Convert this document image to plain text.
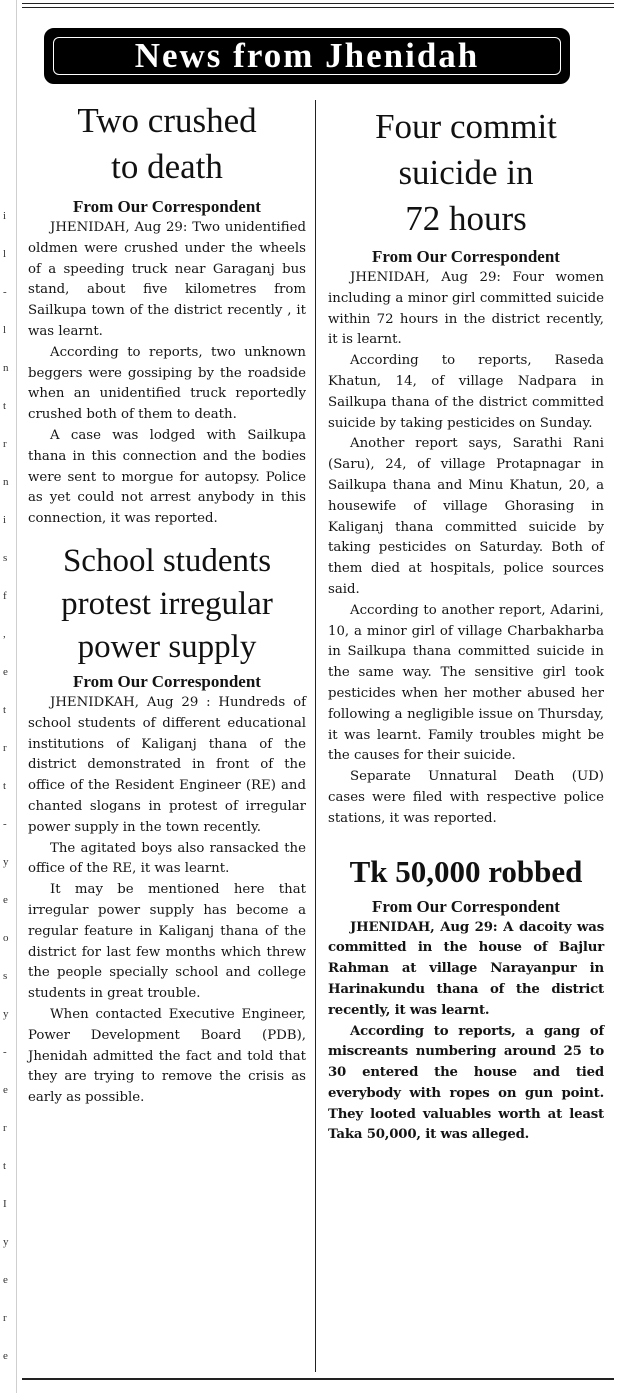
i
l
-
l
n
t
r
n
i
s
f
,
e
t
r
t
-
y
e
o
s
y
-
e
r
t
I
y
e
r
e
News from Jhenidah
Two crushed
to death
From Our Correspondent

JHENIDAH, Aug 29: Two unidentified oldmen were crushed under the wheels of a speeding truck near Garaganj bus stand, about five kilometres from Sailkupa town of the district recently , it was learnt.

According to reports, two unknown beggers were gossiping by the roadside when an unidentified truck reportedly crushed both of them to death.

A case was lodged with Sailkupa thana in this connection and the bodies were sent to morgue for autopsy. Police as yet could not arrest anybody in this connection, it was reported.

School students
protest irregular
power supply
From Our Correspondent

JHENIDKAH, Aug 29 : Hundreds of school students of different educational institutions of Kaliganj thana of the district demonstrated in front of the office of the Resident Engineer (RE) and chanted slogans in protest of irregular power supply in the town recently.

The agitated boys also ransacked the office of the RE, it was learnt.

It may be mentioned here that irregular power supply has become a regular feature in Kaliganj thana of the district for last few months which threw the people specially school and college students in great trouble.

When contacted Executive Engineer, Power Development Board (PDB), Jhenidah admitted the fact and told that they are trying to remove the crisis as early as possible.

Four commit
suicide in
72 hours
From Our Correspondent

JHENIDAH, Aug 29: Four women including a minor girl committed suicide within 72 hours in the district recently, it is learnt.

According to reports, Raseda Khatun, 14, of village Nadpara in Sailkupa thana of the district committed suicide by taking pesticides on Sunday.

Another report says, Sarathi Rani (Saru), 24, of village Protapnagar in Sailkupa thana and Minu Khatun, 20, a housewife of village Ghorasing in Kaliganj thana committed suicide by taking pesticides on Saturday. Both of them died at hospitals, police sources said.

According to another report, Adarini, 10, a minor girl of village Charbakharba in Sailkupa thana committed suicide in the same way. The sensitive girl took pesticides when her mother abused her following a negligible issue on Thursday, it was learnt. Family troubles might be the causes for their suicide.

Separate Unnatural Death (UD) cases were filed with respective police stations, it was reported.

Tk 50,000 robbed
From Our Correspondent

JHENIDAH, Aug 29: A dacoity was committed in the house of Bajlur Rahman at village Narayanpur in Harinakundu thana of the district recently, it was learnt.

According to reports, a gang of miscreants numbering around 25 to 30 entered the house and tied everybody with ropes on gun point. They looted valuables worth at least Taka 50,000, it was alleged.
